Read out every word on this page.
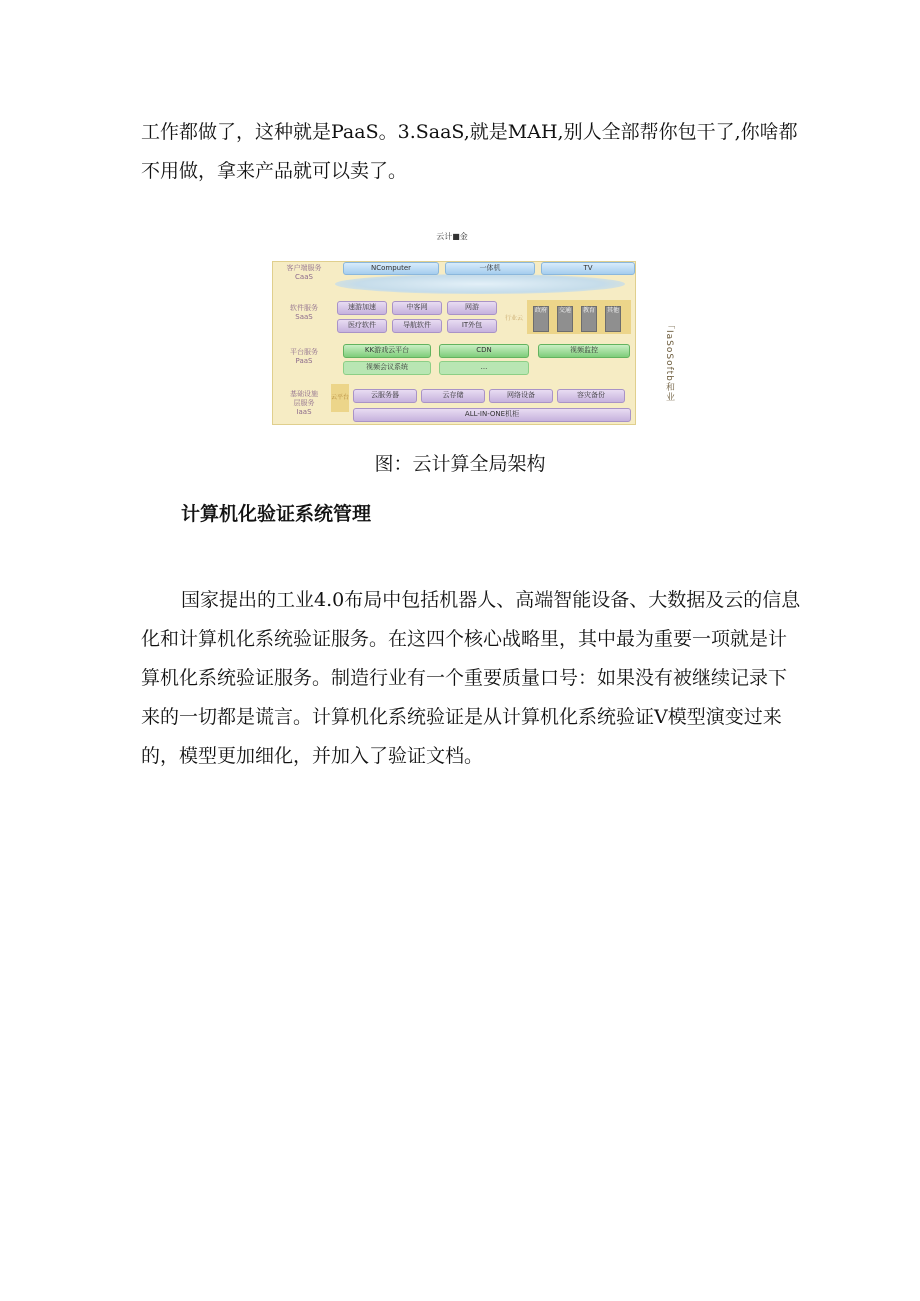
工作都做了，这种就是PaaS。3.SaaS,就是MAH,别人全部帮你包干了,你啥都不用做，拿来产品就可以卖了。

云计■金
客户端服务
CaaS
NComputer	一体机	TV
软件服务
SaaS
速游加速	中客网	网游
医疗软件	导航软件	IT外包
行业云
政府	交通	教育	其他
平台服务
PaaS
KK游戏云平台	CDN	视频监控
视频会议系统	...
基础设施
层服务
IaaS
云平台	云服务器	云存储	网络设备	容灾备份
ALL-IN-ONE机柜
「IaSoSoftb和业

图：云计算全局架构

计算机化验证系统管理

国家提出的工业4.0布局中包括机器人、高端智能设备、大数据及云的信息化和计算机化系统验证服务。在这四个核心战略里，其中最为重要一项就是计算机化系统验证服务。制造行业有一个重要质量口号：如果没有被继续记录下来的一切都是谎言。计算机化系统验证是从计算机化系统验证V模型演变过来的，模型更加细化，并加入了验证文档。
